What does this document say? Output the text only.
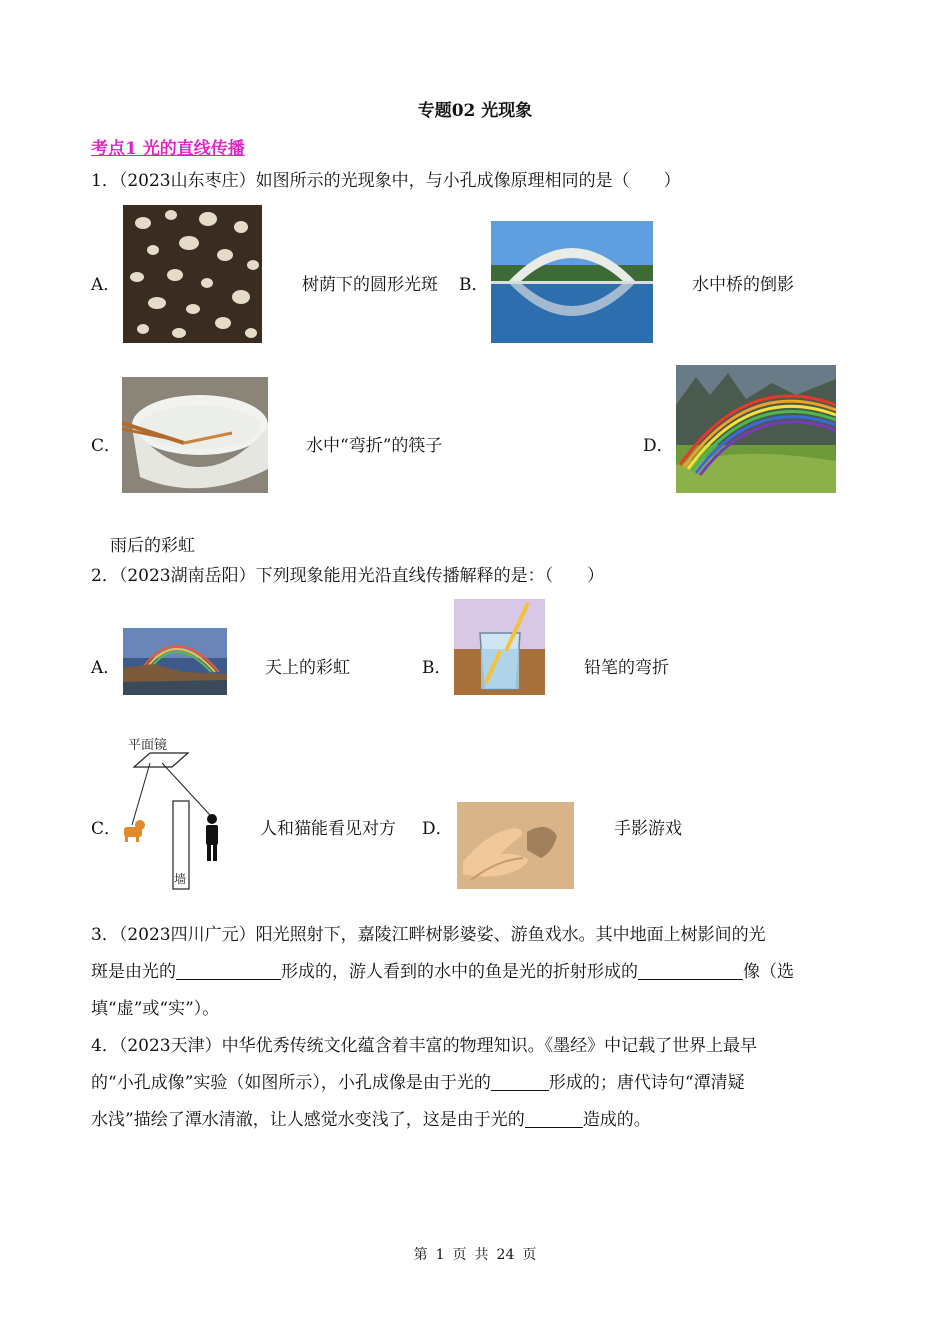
专题02 光现象
考点1 光的直线传播
1．（2023山东枣庄）如图所示的光现象中，与小孔成像原理相同的是（　　）
A．	树荫下的圆形光斑 B．	水中桥的倒影
C．	水中“弯折”的筷子	D．
雨后的彩虹
2．（2023湖南岳阳）下列现象能用光沿直线传播解释的是：（　　）
A．	天上的彩虹	B．	铅笔的弯折
C．
平面镜
墙
人和猫能看见对方 D．	手影游戏
3．（2023四川广元）阳光照射下，嘉陵江畔树影婆娑、游鱼戏水。其中地面上树影间的光
斑是由光的	形成的，游人看到的水中的鱼是光的折射形成的	像（选
填“虚”或“实”）。
4．（2023天津）中华优秀传统文化蕴含着丰富的物理知识。《墨经》中记载了世界上最早
的“小孔成像”实验（如图所示），小孔成像是由于光的	形成的；唐代诗句“潭清疑
水浅”描绘了潭水清澈，让人感觉水变浅了，这是由于光的	造成的。
第 1 页 共 24 页
